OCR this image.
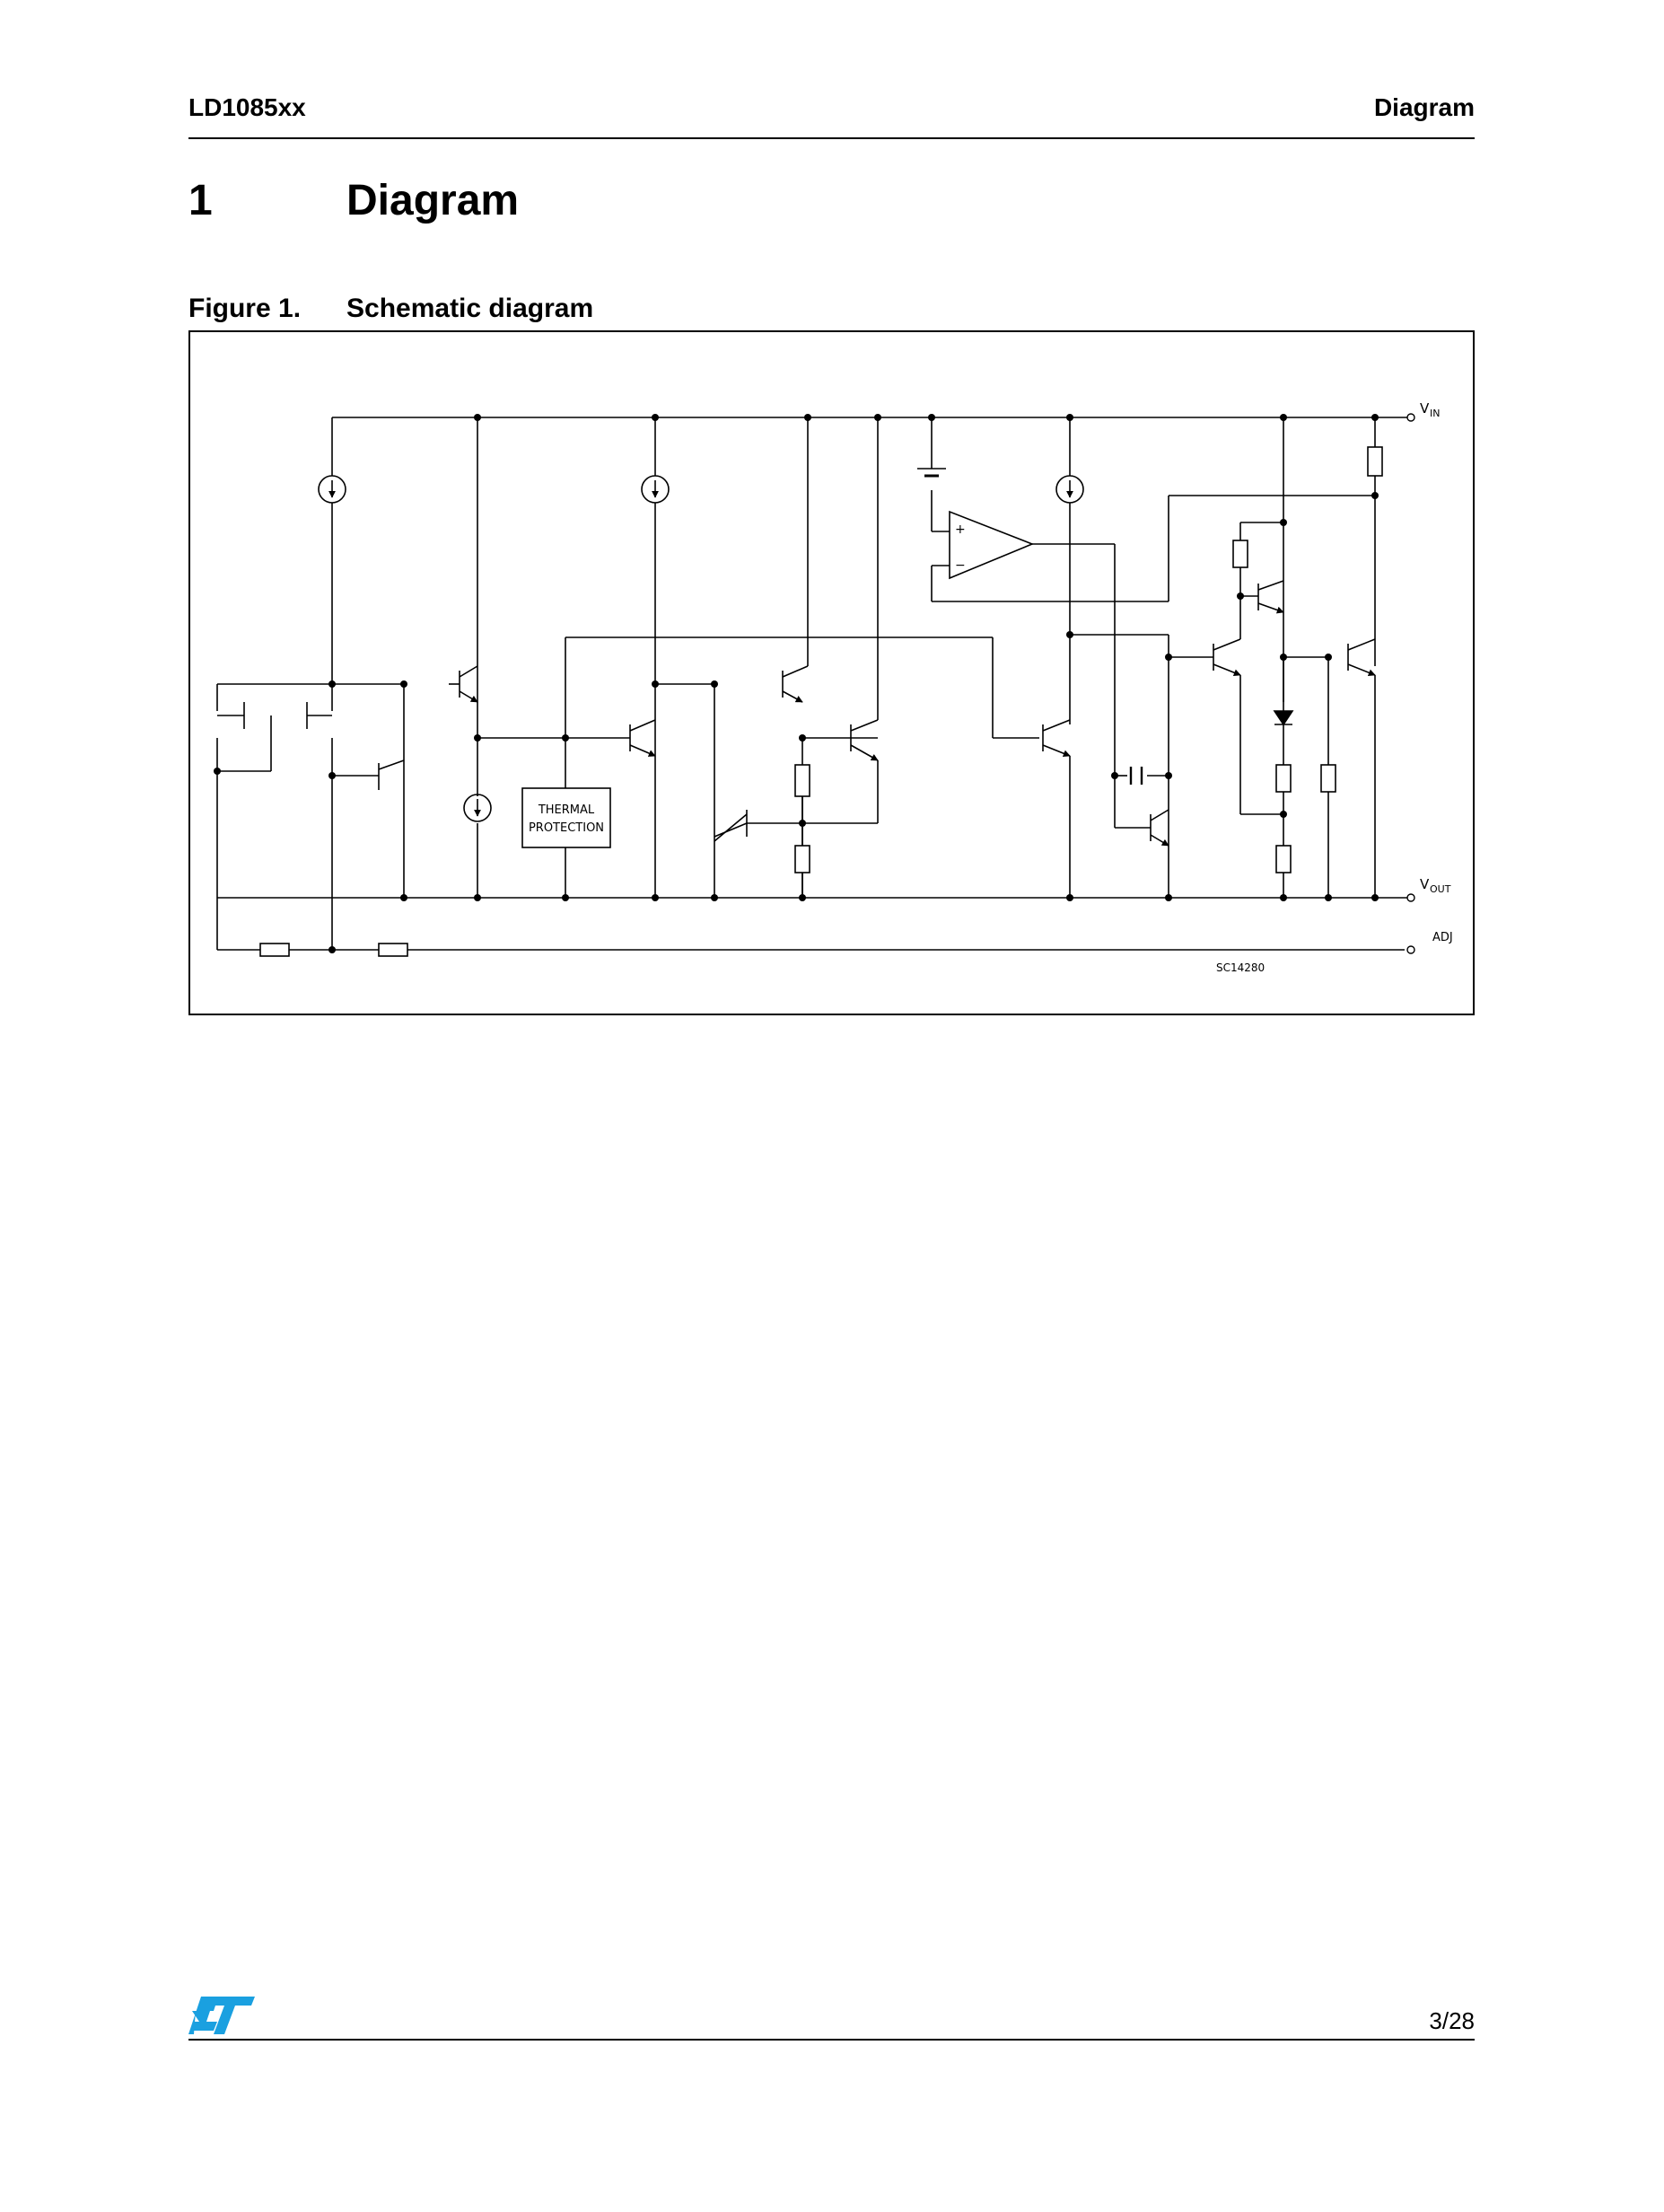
LD1085xx	Diagram
1	Diagram
Figure 1. Schematic diagram
+
−
THERMAL
PROTECTION
V IN
V OUT
ADJ
SC14280
3/28
